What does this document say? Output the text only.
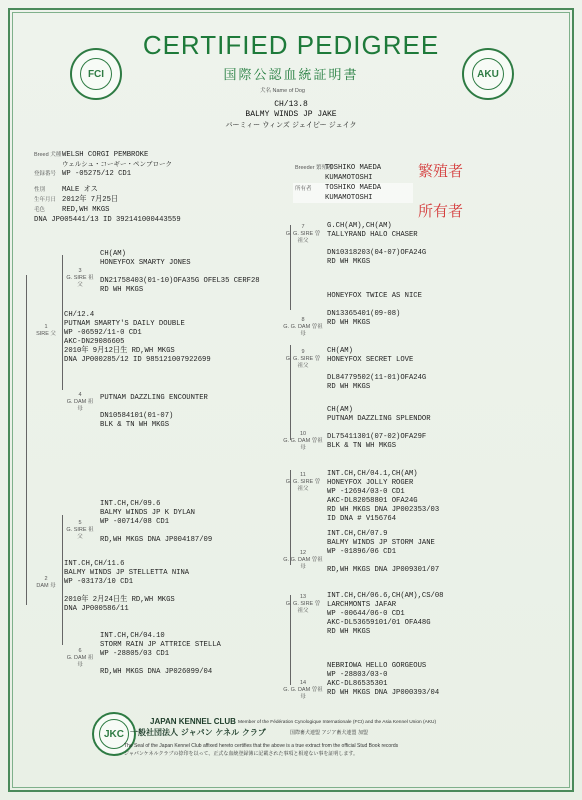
FCI	AKU
CERTIFIED PEDIGREE
国際公認血統証明書
犬名 Name of Dog
CH/13.8
BALMY WINDS JP JAKE
バーミィー ウィンズ ジェイピー ジェイク
Breed 犬種 WELSH CORGI PEMBROKE
ウェルシュ・コーギー・ペンブローク
登録番号 WP -05275/12 CD1
性別 MALE オス
生年月日 2012年 7月25日
毛色 RED,WH MKGS
DNA JP005441/13 ID 392141000443559
Breeder 繁殖者
TOSHIKO MAEDA
KUMAMOTOSHI
所有者 TOSHIKO MAEDA
KUMAMOTOSHI
繁殖者
所有者
1
SIRE 父
CH/12.4
PUTNAM SMARTY'S DAILY DOUBLE
WP -06592/11-0 CD1
AKC-DN29086605
2010年 9月12日生 RD,WH MKGS
DNA JP000285/12 ID 985121007922699
3
G. SIRE 祖父
CH(AM)
HONEYFOX SMARTY JONES
DN21758403(01-10)OFA35G OFEL35 CERF28
RD WH MKGS
4
G. DAM 祖母
PUTNAM DAZZLING ENCOUNTER
DN10584101(01-07)
BLK & TN WH MKGS
2
DAM 母
INT.CH,CH/11.6
BALMY WINDS JP STELLETTA NINA
WP -03173/10 CD1
2010年 2月24日生 RD,WH MKGS
DNA JP000586/11
5
G. SIRE 祖父
INT.CH,CH/09.6
BALMY WINDS JP K DYLAN
WP -00714/08 CD1
RD,WH MKGS DNA JP004187/09
6
G. DAM 祖母
INT.CH,CH/04.10
STORM RAIN JP ATTRICE STELLA
WP -28805/03 CD1
RD,WH MKGS DNA JP026099/04
7
G. G. SIRE 曽祖父
G.CH(AM),CH(AM)
TALLYRAND HALO CHASER
DN10318203(04-07)OFA24G
RD WH MKGS
8
G. G. DAM 曽祖母
HONEYFOX TWICE AS NICE
DN13365401(09-08)
RD WH MKGS
9
G. G. SIRE 曽祖父
CH(AM)
HONEYFOX SECRET LOVE
DL84779502(11-01)OFA24G
RD WH MKGS
10
G. G. DAM 曽祖母
CH(AM)
PUTNAM DAZZLING SPLENDOR
DL75411301(07-02)OFA29F
BLK & TN WH MKGS
11
G. G. SIRE 曽祖父
INT.CH,CH/04.1,CH(AM)
HONEYFOX JOLLY ROGER
WP -12694/03-0 CD1
AKC-DL82058801 OFA24G
RD WH MKGS DNA JP002353/03
ID DNA # V156764
12
G. G. DAM 曽祖母
INT.CH,CH/07.9
BALMY WINDS JP STORM JANE
WP -01896/06 CD1
RD,WH MKGS DNA JP009301/07
13
G. G. SIRE 曽祖父
INT.CH,CH/06.6,CH(AM),CS/08
LARCHMONTS JAFAR
WP -00644/06-0 CD1
AKC-DL53659101/01 OFA48G
RD WH MKGS
14
G. G. DAM 曽祖母
NEBRIOWA HELLO GORGEOUS
WP -28803/03-0
AKC-DL86535301
RD WH MKGS DNA JP000393/04
JKC
JAPAN KENNEL CLUB Member of the Fédération Cynologique Internationale (FCI) and the Asia Kennel Union (AKU)
一般社団法人 ジャパン ケネル クラブ	国際畜犬連盟 アジア畜犬連盟 加盟
The Seal of the Japan Kennel Club affixed hereto certifies that the above is a true extract from the official Stud Book records
ジャパンケネルクラブの捺印を以って、正式な血統登録簿に記載された事項と相違ない事を証明します。
